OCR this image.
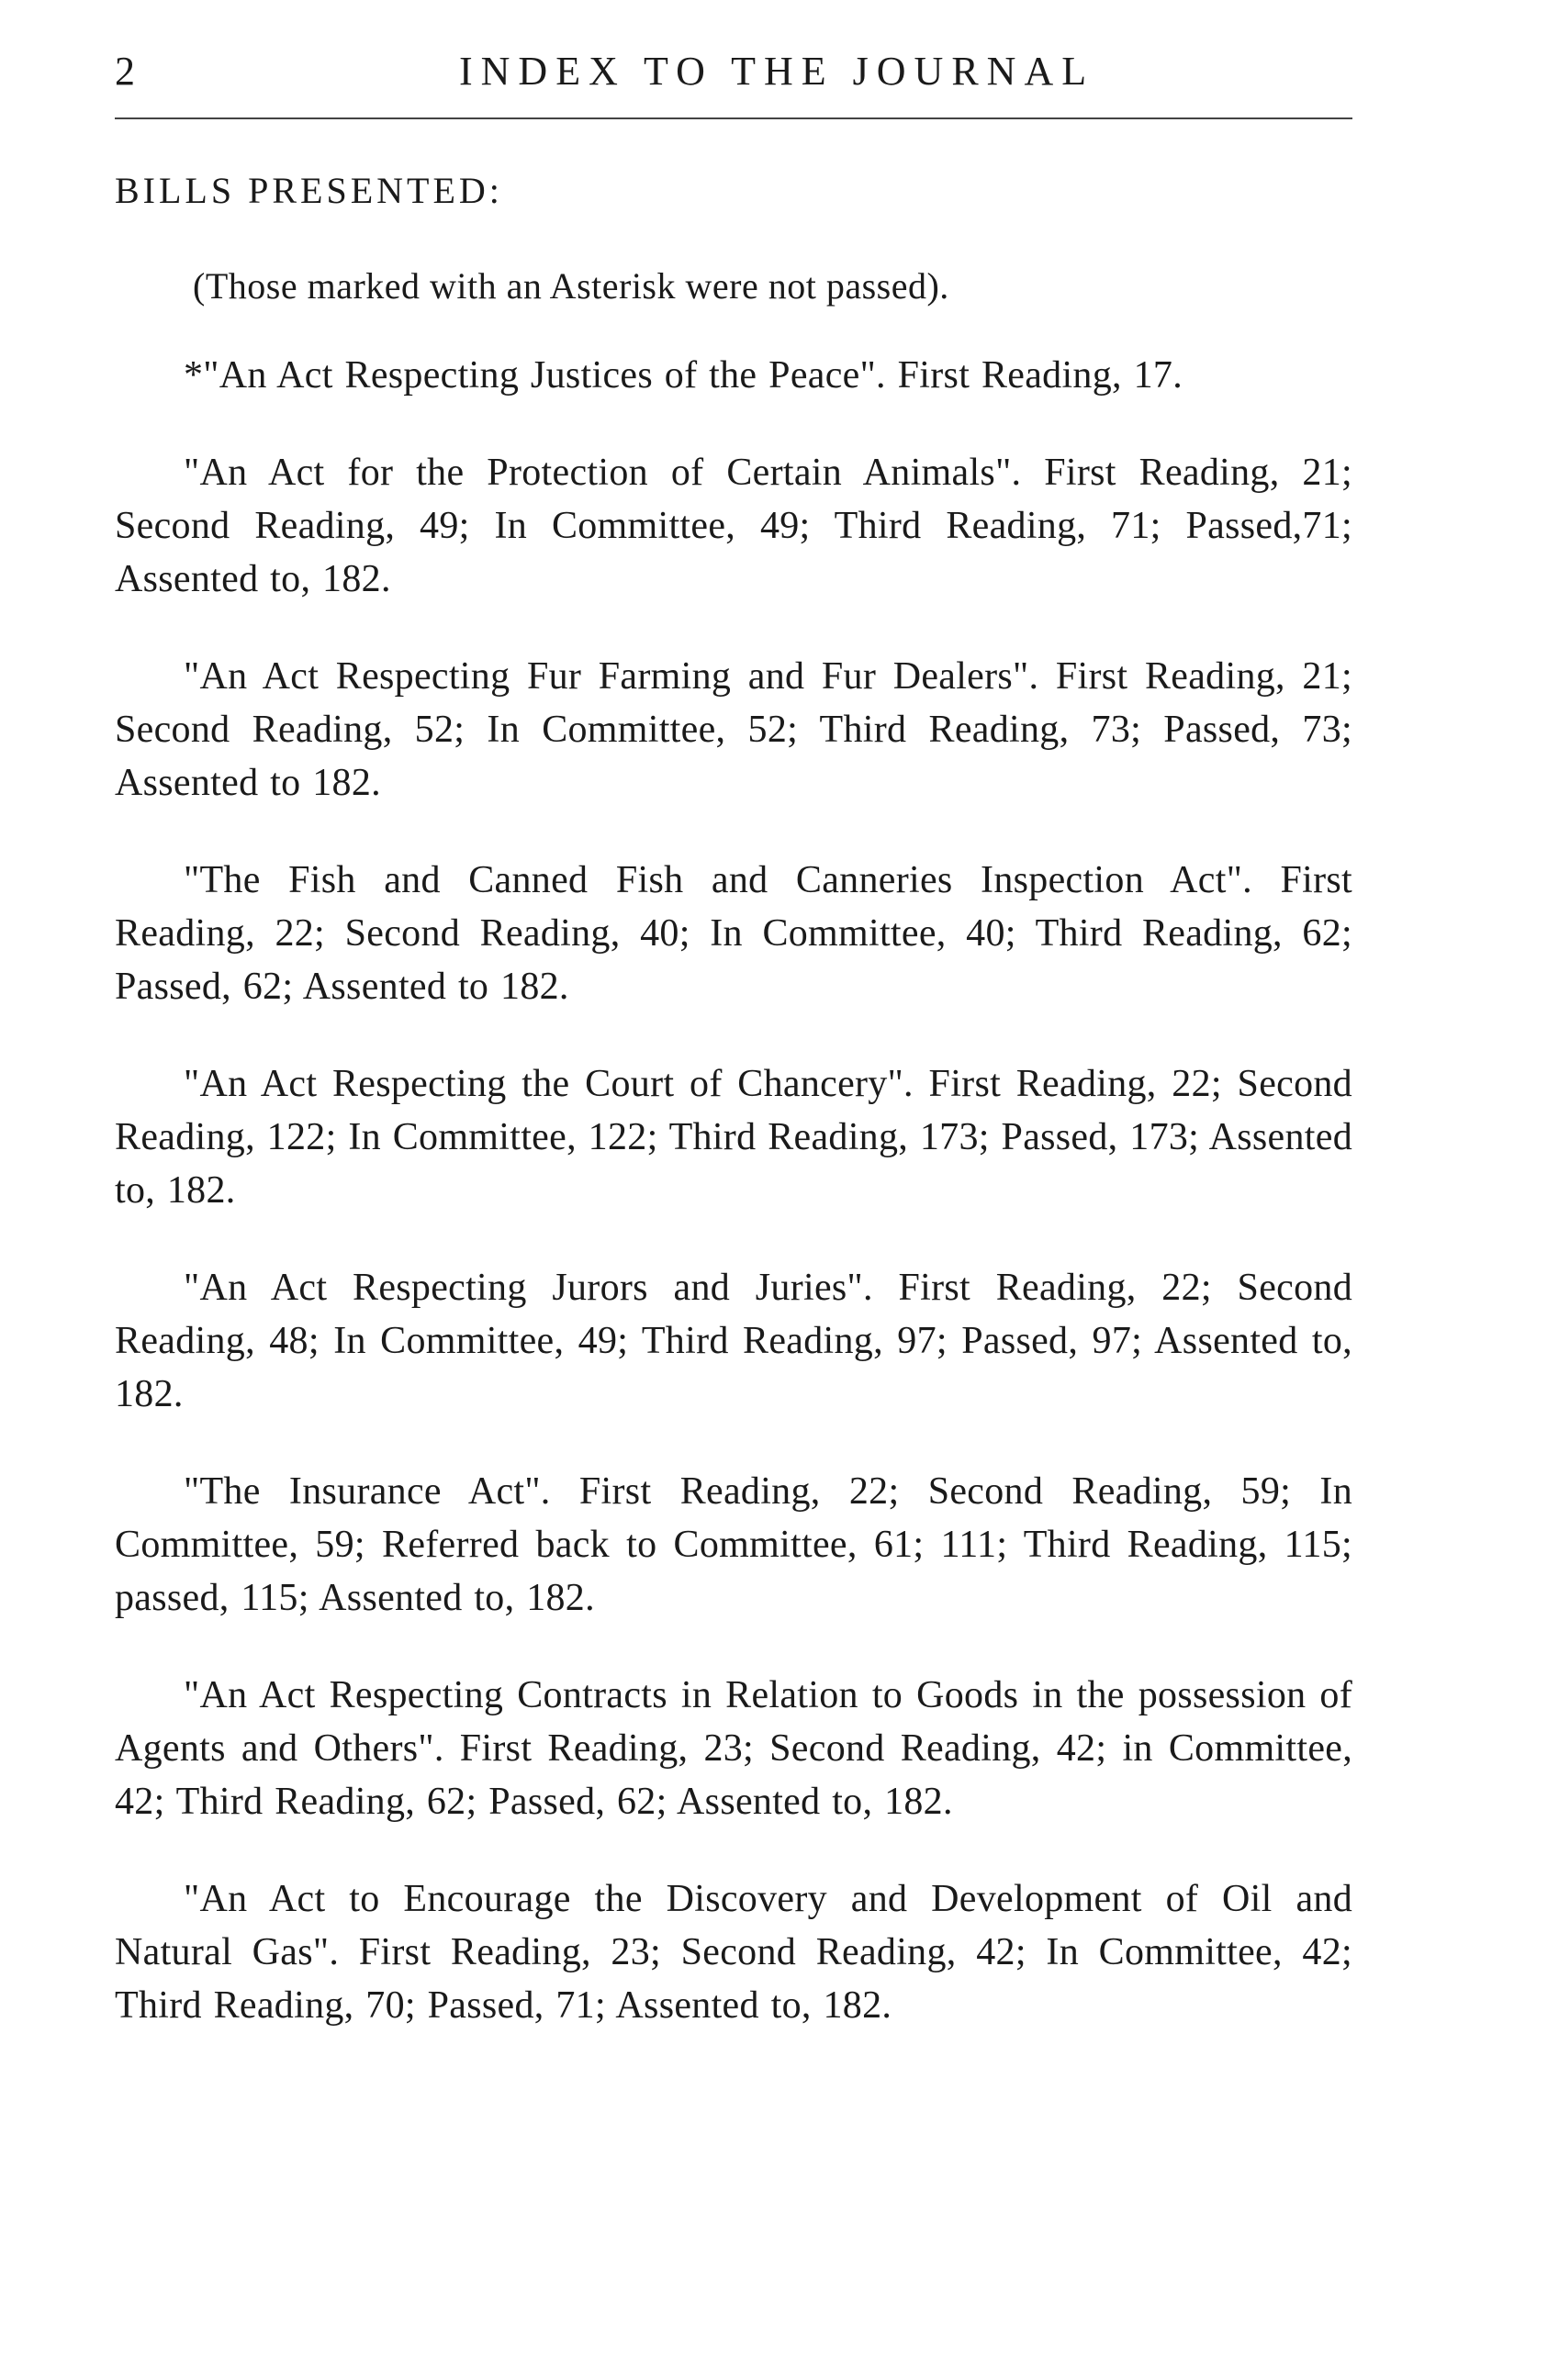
2	INDEX TO THE JOURNAL
BILLS PRESENTED:
(Those marked with an Asterisk were not passed).

*"An Act Respecting Justices of the Peace". First Reading, 17.

"An Act for the Protection of Certain Animals". First Reading, 21; Second Reading, 49; In Committee, 49; Third Reading, 71; Passed,71; Assented to, 182.

"An Act Respecting Fur Farming and Fur Dealers". First Reading, 21; Second Reading, 52; In Committee, 52; Third Reading, 73; Passed, 73; Assented to 182.

"The Fish and Canned Fish and Canneries Inspection Act". First Reading, 22; Second Reading, 40; In Committee, 40; Third Reading, 62; Passed, 62; Assented to 182.

"An Act Respecting the Court of Chancery". First Reading, 22; Second Reading, 122; In Committee, 122; Third Reading, 173; Passed, 173; Assented to, 182.

"An Act Respecting Jurors and Juries". First Reading, 22; Second Reading, 48; In Committee, 49; Third Reading, 97; Passed, 97; Assented to, 182.

"The Insurance Act". First Reading, 22; Second Reading, 59; In Committee, 59; Referred back to Committee, 61; 111; Third Reading, 115; passed, 115; Assented to, 182.

"An Act Respecting Contracts in Relation to Goods in the possession of Agents and Others". First Reading, 23; Second Reading, 42; in Committee, 42; Third Reading, 62; Passed, 62; Assented to, 182.

"An Act to Encourage the Discovery and Development of Oil and Natural Gas". First Reading, 23; Second Reading, 42; In Committee, 42; Third Reading, 70; Passed, 71; Assented to, 182.
